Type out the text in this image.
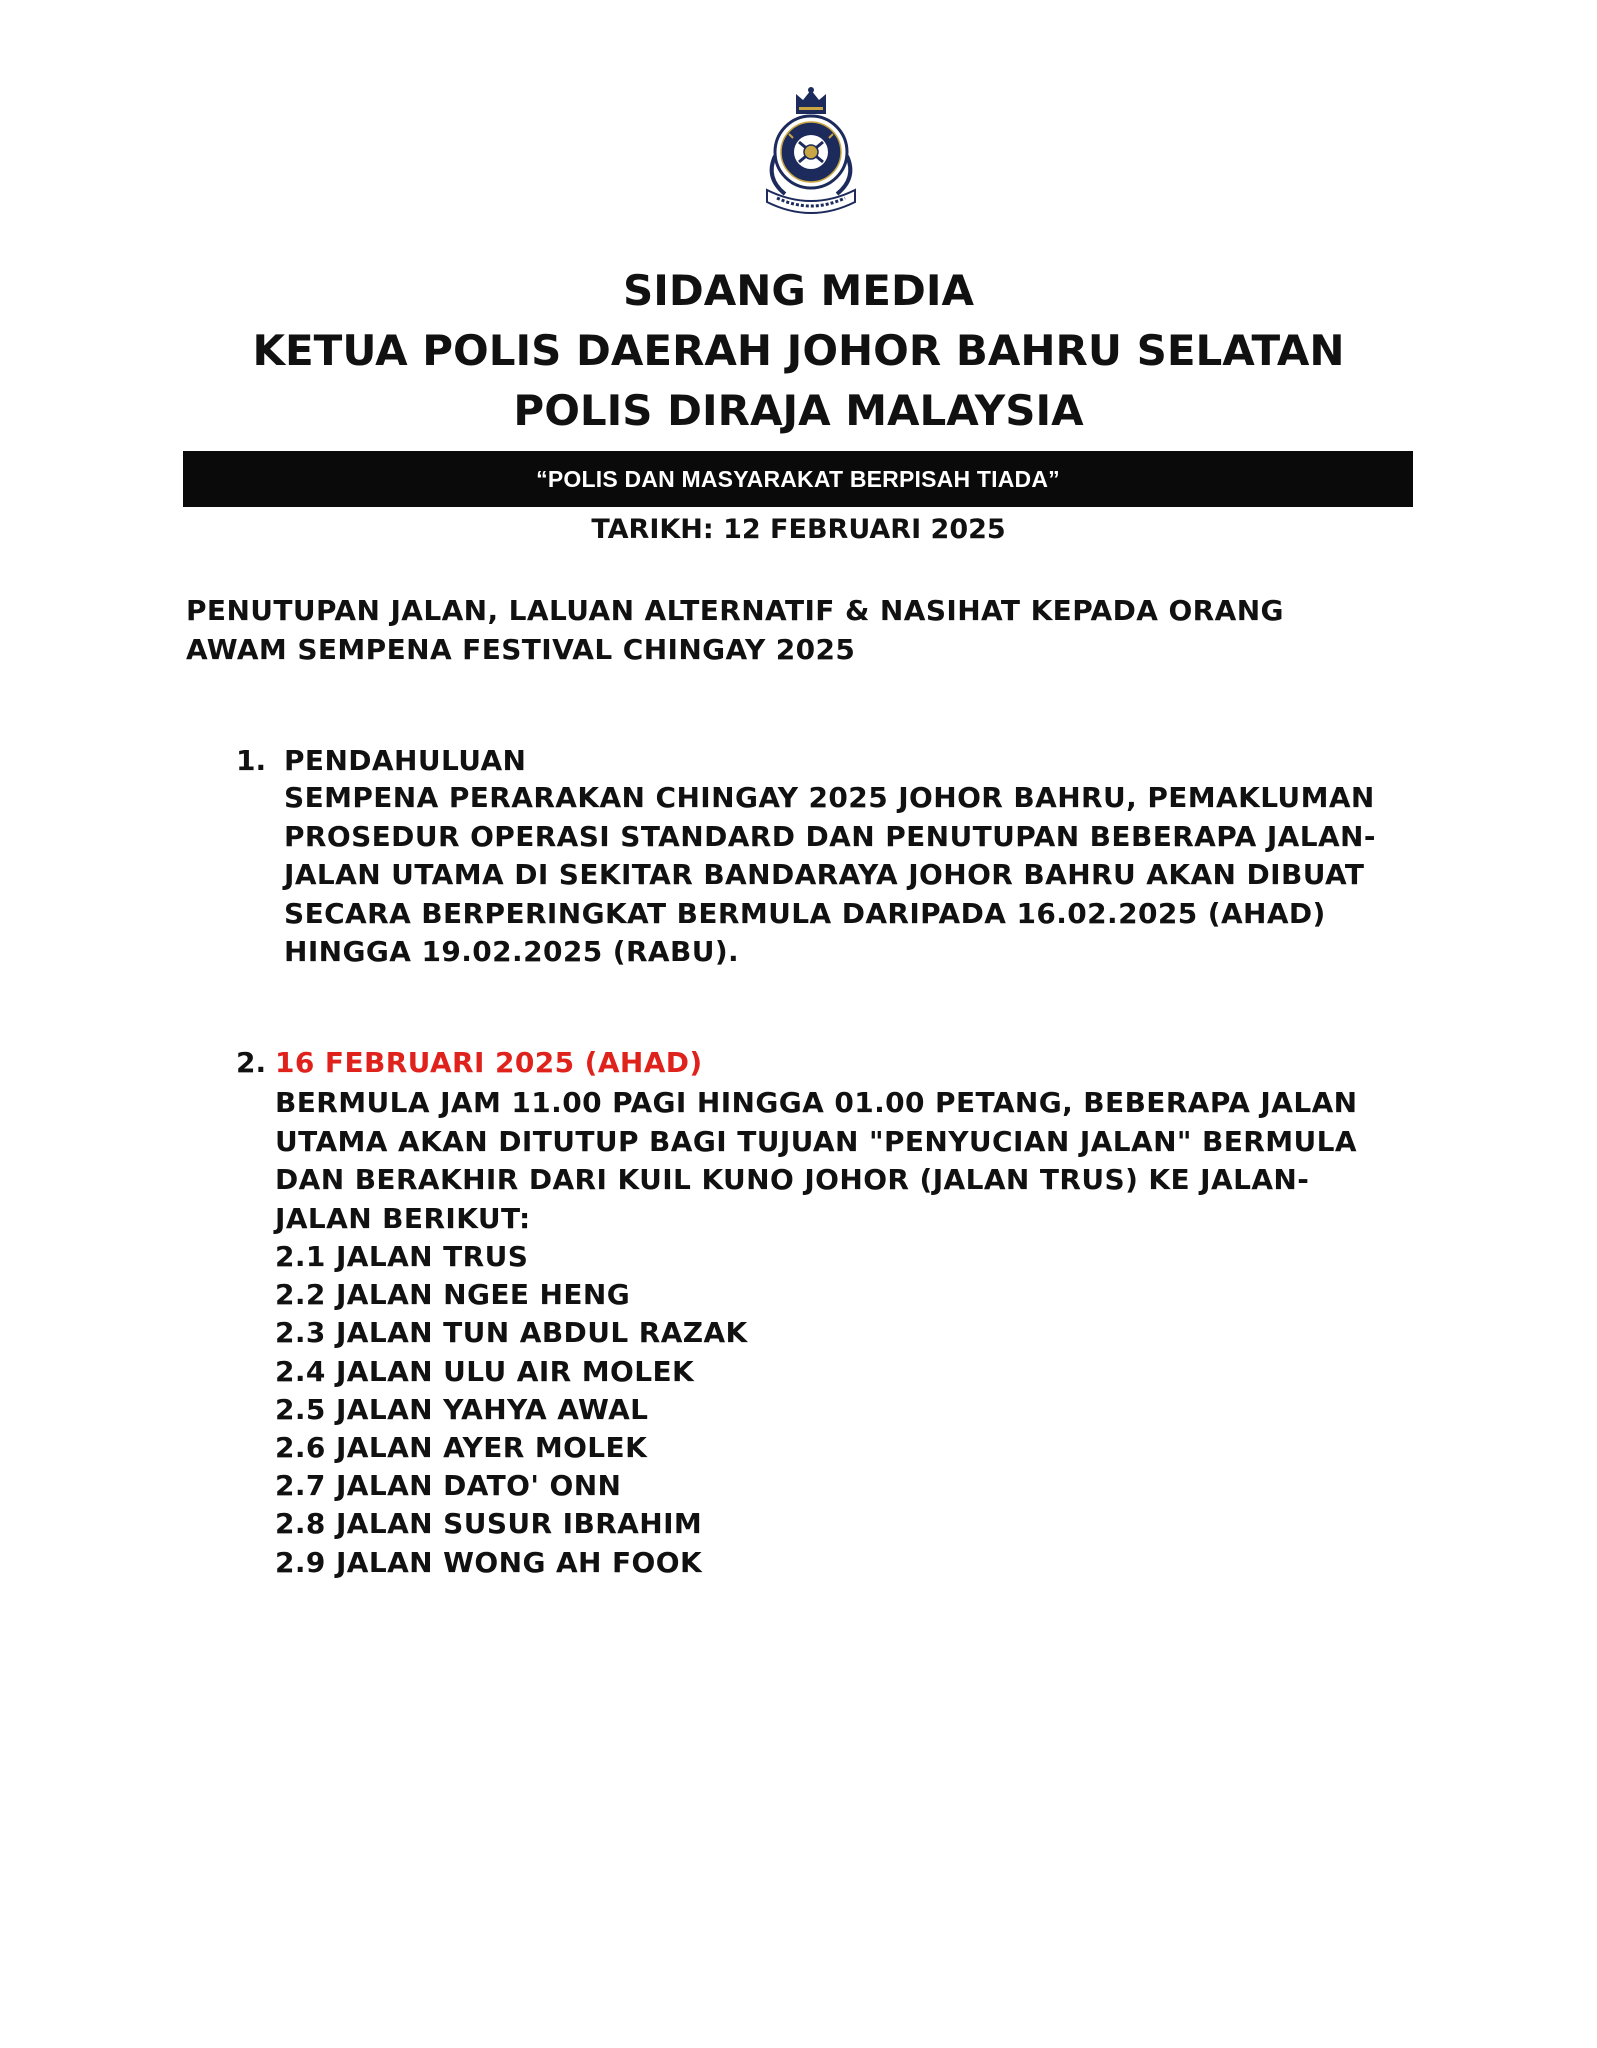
SIDANG MEDIA
KETUA POLIS DAERAH JOHOR BAHRU SELATAN
POLIS DIRAJA MALAYSIA
“POLIS DAN MASYARAKAT BERPISAH TIADA”
TARIKH: 12 FEBRUARI 2025
PENUTUPAN JALAN, LALUAN ALTERNATIF & NASIHAT KEPADA ORANG
AWAM SEMPENA FESTIVAL CHINGAY 2025
1. PENDAHULUAN
SEMPENA PERARAKAN CHINGAY 2025 JOHOR BAHRU, PEMAKLUMAN
PROSEDUR OPERASI STANDARD DAN PENUTUPAN BEBERAPA JALAN-
JALAN UTAMA DI SEKITAR BANDARAYA JOHOR BAHRU AKAN DIBUAT
SECARA BERPERINGKAT BERMULA DARIPADA 16.02.2025 (AHAD)
HINGGA 19.02.2025 (RABU).
2. 16 FEBRUARI 2025 (AHAD)
BERMULA JAM 11.00 PAGI HINGGA 01.00 PETANG, BEBERAPA JALAN
UTAMA AKAN DITUTUP BAGI TUJUAN "PENYUCIAN JALAN" BERMULA
DAN BERAKHIR DARI KUIL KUNO JOHOR (JALAN TRUS) KE JALAN-
JALAN BERIKUT:
2.1 JALAN TRUS
2.2 JALAN NGEE HENG
2.3 JALAN TUN ABDUL RAZAK
2.4 JALAN ULU AIR MOLEK
2.5 JALAN YAHYA AWAL
2.6 JALAN AYER MOLEK
2.7 JALAN DATO' ONN
2.8 JALAN SUSUR IBRAHIM
2.9 JALAN WONG AH FOOK
